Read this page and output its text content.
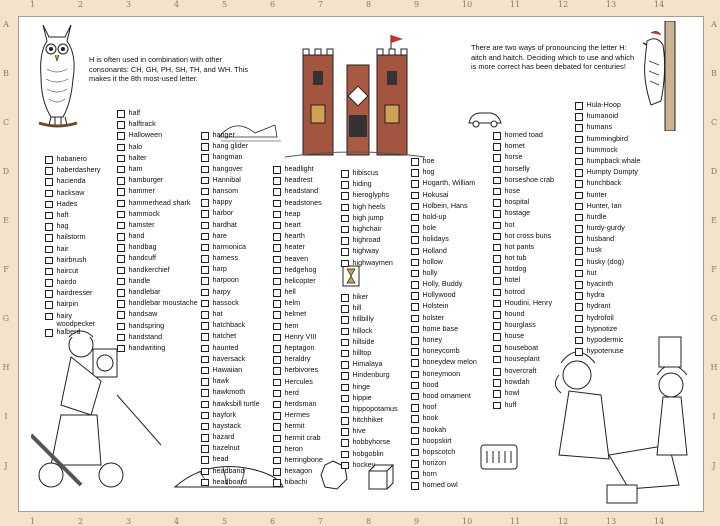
1	2	3	4	5	6	7	8	9	10	11	12	13	14
1	2	3	4	5	6	7	8	9	10	11	12	13	14
A
B
C
D
E
F
G
H
I
J
A
B
C
D
E
F
G
H
I
J
H is often used in combination with other consonants: CH, GH, PH, SH, TH, and WH. This makes it the 8th most-used letter.
There are two ways of pronouncing the letter H: aitch and haitch. Deciding which to use and which is more correct has been debated for centuries!
habanero
haberdashery
hacienda
hacksaw
Hades
haft
hag
hailstorm
hair
hairbrush
haircut
hairdo
hairdresser
hairpin
hairy woodpecker
halberd
half
halftrack
Halloween
halo
halter
ham
hamburger
hammer
hammerhead shark
hammock
hamster
hand
handbag
handcuff
handkerchief
handle
handlebar
handlebar moustache
handsaw
handspring
handstand
handwriting
hanger
hang glider
hangman
hangover
Hannibal
hansom
happy
harbor
hardhat
hare
harmonica
harness
harp
harpoon
harpy
hassock
hat
hatchback
hatchet
haunted
haversack
Hawaiian
hawk
hawkmoth
hawksbill turtle
hayfork
haystack
hazard
hazelnut
head
headband
headboard
headlight
headrest
headstand
headstones
heap
heart
hearth
heater
heaven
hedgehog
helicopter
hell
helm
helmet
hem
Henry VIII
heptagon
heraldry
herbivores
Hercules
herd
herdsman
Hermes
hermit
hermit crab
heron
herringbone
hexagon
hibachi
hibiscus
hiding
hieroglyphs
high heels
high jump
highchair
highroad
highway
highwaymen
hiker
hill
hillbilly
hillock
hillside
hilltop
Himalaya
Hindenburg
hinge
hippie
hippopotamus
hitchhiker
hive
hobbyhorse
hobgoblin
hockey
hoe
hog
Hogarth, William
Hokusai
Holbein, Hans
hold-up
hole
holidays
Holland
hollow
holly
Holly, Buddy
Hollywood
Holstein
holster
home base
honey
honeycomb
honeydew melon
honeymoon
hood
hood ornament
hoof
hook
hookah
hoopskirt
hopscotch
horizon
horn
horned owl
horned toad
hornet
horse
horsefly
horseshoe crab
hose
hospital
hostage
hot
hot cross buns
hot pants
hot tub
hotdog
hotel
hotrod
Houdini, Henry
hound
hourglass
house
houseboat
houseplant
hovercraft
howdah
howl
huff
Hula-Hoop
humanoid
humans
hummingbird
hummock
humpback whale
Humpty Dumpty
hunchback
hunter
Hunter, Ian
hurdle
hurdy-gurdy
husband
husk
husky (dog)
hut
hyacinth
hydra
hydrant
hydrofoil
hypnotize
hypodermic
hypotenuse
